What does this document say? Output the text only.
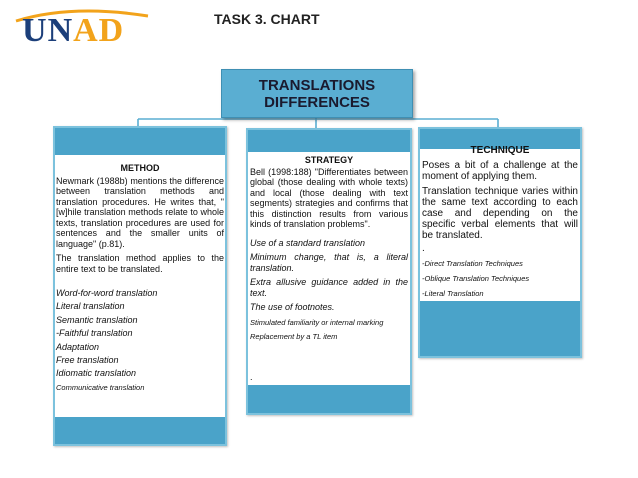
UNAD	TASK 3. CHART
TRANSLATIONS
DIFFERENCES

METHOD

Newmark (1988b) mentions the difference between translation methods and translation procedures. He writes that, "[w]hile translation methods relate to whole texts, translation procedures are used for sentences and the smaller units of language" (p.81).

The translation method applies to the entire text to be translated.

Word-for-word translation

Literal translation

Semantic translation

-Faithful translation

Adaptation

Free translation

Idiomatic translation

Communicative translation

STRATEGY

Bell (1998:188) "Differentiates between global (those dealing with whole texts) and local (those dealing with text segments) strategies and confirms that this distinction results from various kinds of translation problems".

Use of a standard translation

Minimum change, that is, a literal translation.

Extra allusive guidance added in the text.

The use of footnotes.

Stimulated familiarity or internal marking

Replacement by a TL item

.

TECHNIQUE

Poses a bit of a challenge at the moment of applying them.

Translation technique varies within the same text according to each case and depending on the specific verbal elements that will be translated.

.

-Direct Translation Techniques

-Oblique Translation Techniques

-Literal Translation
